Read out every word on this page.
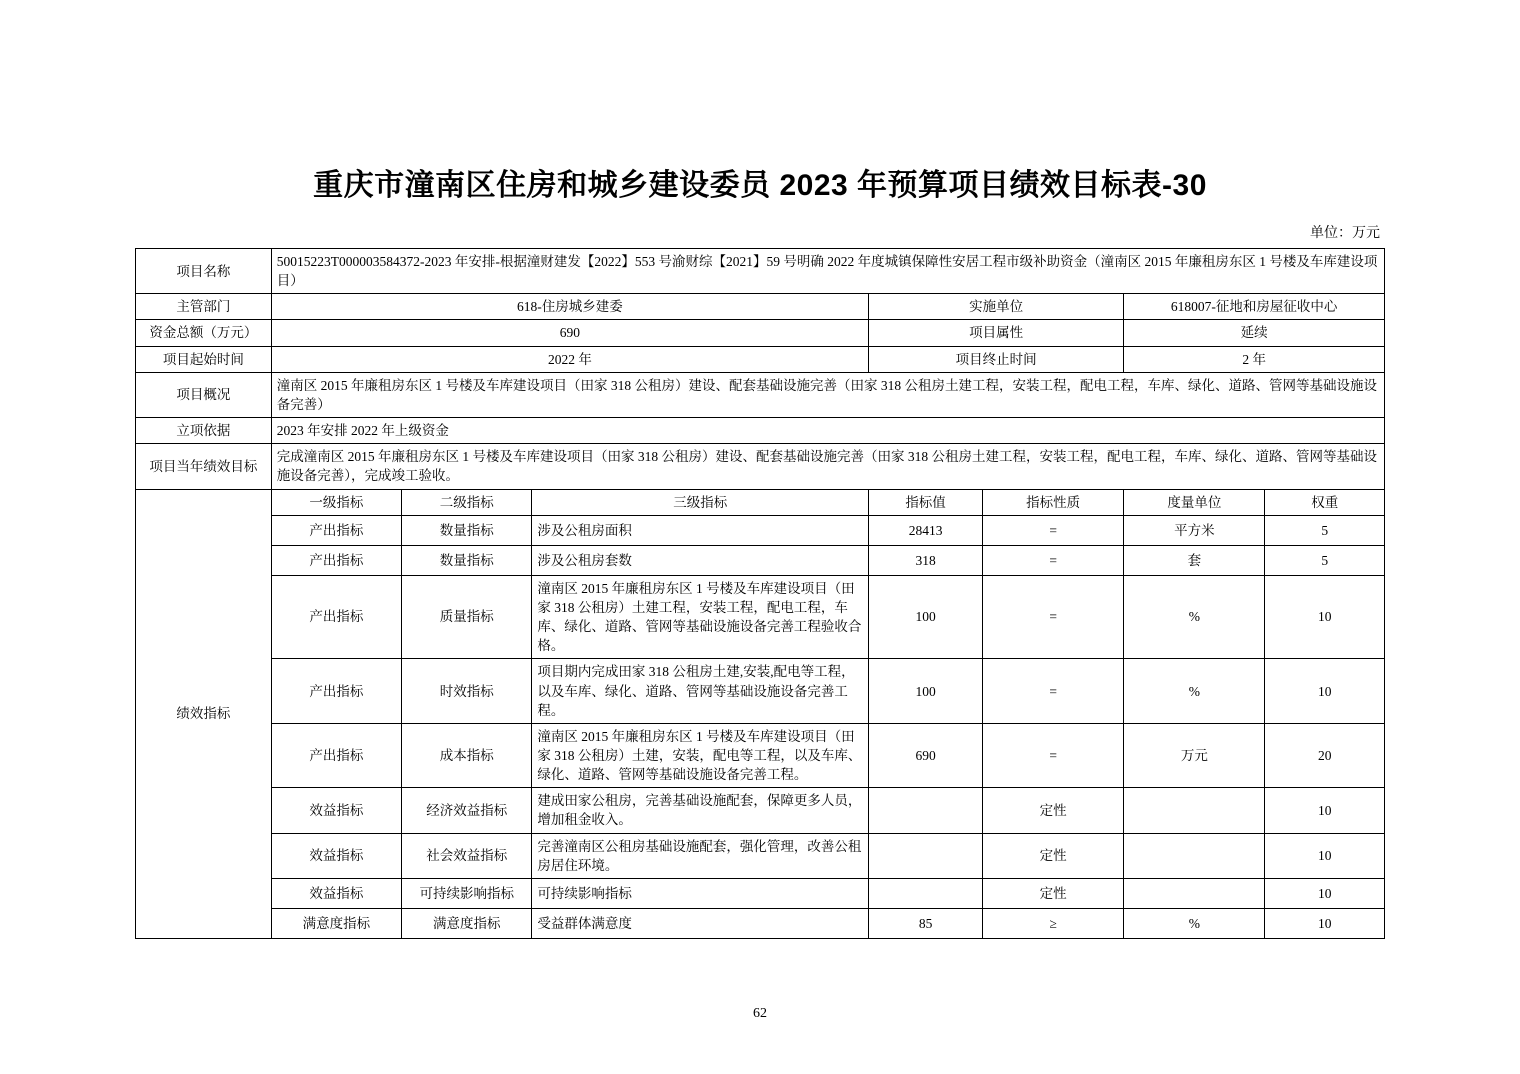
重庆市潼南区住房和城乡建设委员 2023 年预算项目绩效目标表-30
单位：万元
项目名称	50015223T000003584372-2023 年安排-根据潼财建发【2022】553 号渝财综【2021】59 号明确 2022 年度城镇保障性安居工程市级补助资金（潼南区 2015 年廉租房东区 1 号楼及车库建设项目）						
主管部门	618-住房城乡建委			实施单位		618007-征地和房屋征收中心	
资金总额（万元）	690			项目属性		延续	
项目起始时间	2022 年			项目终止时间		2 年	
项目概况	潼南区 2015 年廉租房东区 1 号楼及车库建设项目（田家 318 公租房）建设、配套基础设施完善（田家 318 公租房土建工程，安装工程，配电工程，车库、绿化、道路、管网等基础设施设备完善）						
立项依据	2023 年安排 2022 年上级资金						
项目当年绩效目标	完成潼南区 2015 年廉租房东区 1 号楼及车库建设项目（田家 318 公租房）建设、配套基础设施完善（田家 318 公租房土建工程，安装工程，配电工程，车库、绿化、道路、管网等基础设施设备完善），完成竣工验收。						
绩效指标	一级指标	二级指标	三级指标	指标值	指标性质	度量单位	权重
	产出指标	数量指标	涉及公租房面积	28413	=	平方米	5
	产出指标	数量指标	涉及公租房套数	318	=	套	5
	产出指标	质量指标	潼南区 2015 年廉租房东区 1 号楼及车库建设项目（田家 318 公租房）土建工程，安装工程，配电工程，车库、绿化、道路、管网等基础设施设备完善工程验收合格。	100	=	%	10
	产出指标	时效指标	项目期内完成田家 318 公租房土建,安装,配电等工程，以及车库、绿化、道路、管网等基础设施设备完善工程。	100	=	%	10
	产出指标	成本指标	潼南区 2015 年廉租房东区 1 号楼及车库建设项目（田家 318 公租房）土建，安装，配电等工程，以及车库、绿化、道路、管网等基础设施设备完善工程。	690	=	万元	20
	效益指标	经济效益指标	建成田家公租房，完善基础设施配套，保障更多人员，增加租金收入。		定性		10
	效益指标	社会效益指标	完善潼南区公租房基础设施配套，强化管理，改善公租房居住环境。		定性		10
	效益指标	可持续影响指标	可持续影响指标		定性		10
	满意度指标	满意度指标	受益群体满意度	85	≥	%	10
62
